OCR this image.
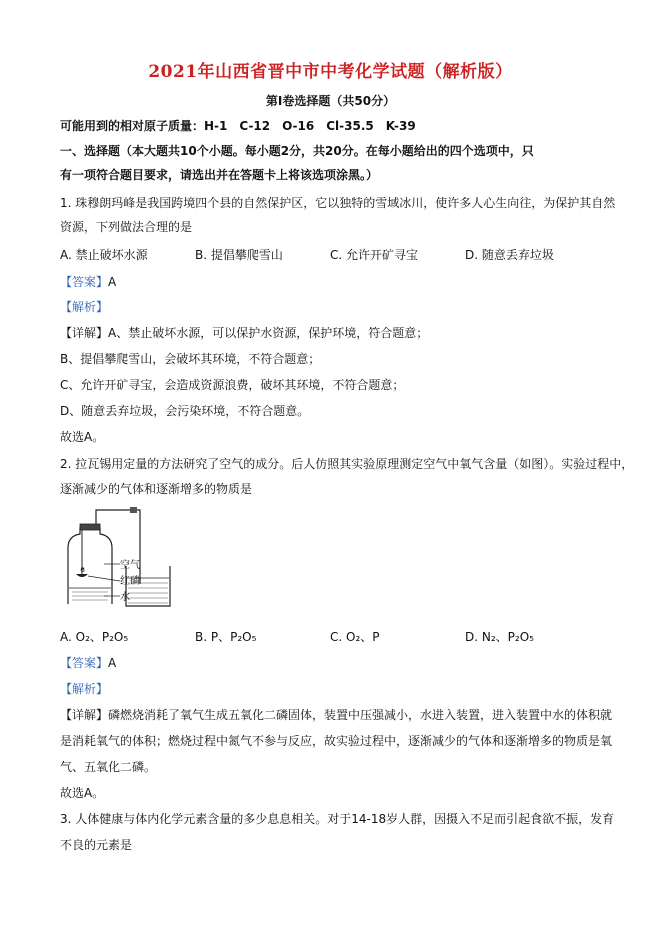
2021年山西省晋中市中考化学试题（解析版）
第I卷选择题（共50分）
可能用到的相对原子质量：H-1　C-12　O-16　Cl-35.5　K-39
一、选择题（本大题共10个小题。每小题2分，共20分。在每小题给出的四个选项中，只
有一项符合题目要求，请选出并在答题卡上将该选项涂黑。）
1. 珠穆朗玛峰是我国跨境四个县的自然保护区，它以独特的雪域冰川，使许多人心生向往，为保护其自然
资源，下列做法合理的是
A. 禁止破坏水源	B. 提倡攀爬雪山	C. 允许开矿寻宝	D. 随意丢弃垃圾
【答案】A
【解析】
【详解】A、禁止破坏水源，可以保护水资源，保护环境，符合题意；
B、提倡攀爬雪山，会破坏其环境，不符合题意；
C、允许开矿寻宝，会造成资源浪费，破坏其环境，不符合题意；
D、随意丢弃垃圾，会污染环境，不符合题意。
故选A。
2. 拉瓦锡用定量的方法研究了空气的成分。后人仿照其实验原理测定空气中氧气含量（如图）。实验过程中，
逐渐减少的气体和逐渐增多的物质是
空气
红磷
水
A. O₂、P₂O₅	B. P、P₂O₅	C. O₂、P	D. N₂、P₂O₅
【答案】A
【解析】
【详解】磷燃烧消耗了氧气生成五氧化二磷固体，装置中压强减小，水进入装置，进入装置中水的体积就
是消耗氧气的体积；燃烧过程中氮气不参与反应，故实验过程中，逐渐减少的气体和逐渐增多的物质是氧
气、五氧化二磷。
故选A。
3. 人体健康与体内化学元素含量的多少息息相关。对于14-18岁人群，因摄入不足而引起食欲不振，发育
不良的元素是
